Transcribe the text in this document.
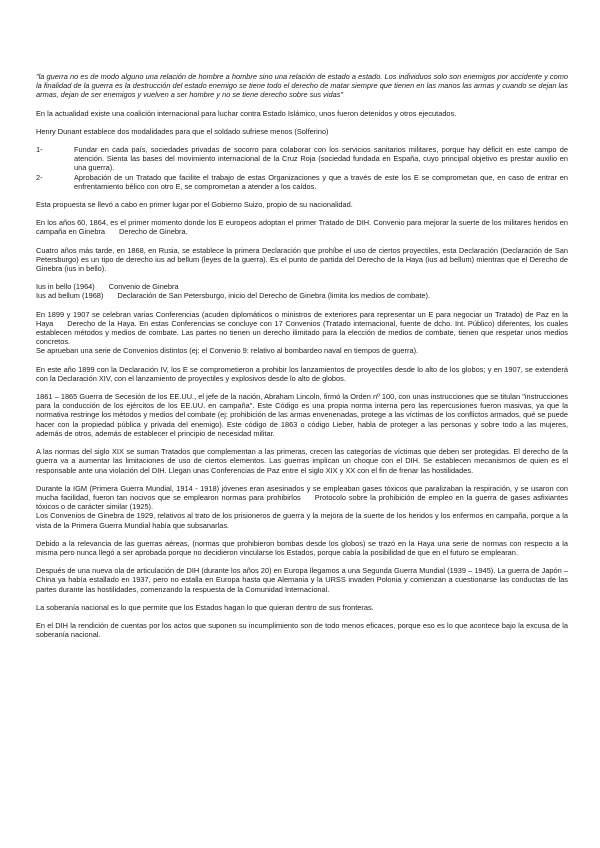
"la guerra no es de modo alguno una relación de hombre a hombre sino una relación de estado a estado. Los individuos solo son enemigos por accidente y como la finalidad de la guerra es la destrucción del estado enemigo se tiene todo el derecho de matar siempre que tienen en las manos las armas y cuando se dejan las armas, dejan de ser enemigos y vuelven a ser hombre y no se tiene derecho sobre sus vidas"

En la actualidad existe una coalición internacional para luchar contra Estado Islámico, unos fueron detenidos y otros ejecutados.

Henry Dunant establece dos modalidades para que el soldado sufriese menos (Solferino)

1-	Fundar en cada país, sociedades privadas de socorro para colaborar con los servicios sanitarios militares, porque hay déficit en este campo de atención. Sienta las bases del movimiento internacional de la Cruz Roja (sociedad fundada en España, cuyo principal objetivo es prestar auxilio en una guerra).
2-	Aprobación de un Tratado que facilite el trabajo de estas Organizaciones y que a través de este los E se comprometan que, en caso de entrar en enfrentamiento bélico con otro E, se comprometan a atender a los caídos.

Esta propuesta se llevó a cabo en primer lugar por el Gobierno Suizo, propio de su nacionalidad.

En los años 60, 1864, es el primer momento donde los E europeos adoptan el primer Tratado de DIH. Convenio para mejorar la suerte de los militares heridos en campaña en Ginebra Derecho de Ginebra.

Cuatro años más tarde, en 1868, en Rusia, se establece la primera Declaración que prohíbe el uso de ciertos proyectiles, esta Declaración (Declaración de San Petersburgo) es un tipo de derecho ius ad bellum (leyes de la guerra). Es el punto de partida del Derecho de la Haya (ius ad bellum) mientras que el Derecho de Ginebra (ius in bello).

Ius in bello (1964) Convenio de Ginebra
Ius ad bellum (1968) Declaración de San Petersburgo, inicio del Derecho de Ginebra (limita los medios de combate).

En 1899 y 1907 se celebran varias Conferencias (acuden diplomáticos o ministros de exteriores para representar un E para negociar un Tratado) de Paz en la Haya Derecho de la Haya. En estas Conferencias se concluye con 17 Convenios (Tratado internacional, fuente de dcho. Int. Público) diferentes, los cuales establecen métodos y medios de combate. Las partes no tienen un derecho ilimitado para la elección de medios de combate, tienen que respetar unos medios concretos.
Se aprueban una serie de Convenios distintos (ej: el Convenio 9: relativo al bombardeo naval en tiempos de guerra).

En este año 1899 con la Declaración IV, los E se comprometieron a prohibir los lanzamientos de proyectiles desde lo alto de los globos; y en 1907, se extenderá con la Declaración XIV, con el lanzamiento de proyectiles y explosivos desde lo alto de globos.

1861 – 1865 Guerra de Secesión de los EE.UU., el jefe de la nación, Abraham Lincoln, firmó la Orden nº 100, con unas instrucciones que se titulan "instrucciones para la conducción de los ejércitos de los EE.UU. en campaña". Este Código es una propia norma interna pero las repercusiones fueron masivas, ya que la normativa restringe los métodos y medios del combate (ej: prohibición de las armas envenenadas, protege a las víctimas de los conflictos armados, qué se puede hacer con la propiedad pública y privada del enemigo). Este código de 1863 o código Lieber, habla de proteger a las personas y sobre todo a las mujeres, además de otros, además de establecer el principio de necesidad militar.

A las normas del siglo XIX se suman Tratados que complementan a las primeras, crecen las categorías de víctimas que deben ser protegidas. El derecho de la guerra va a aumentar las limitaciones de uso de ciertos elementos. Las guerras implican un choque con el DIH. Se establecen mecanismos de quien es el responsable ante una violación del DIH. Llegan unas Conferencias de Paz entre el siglo XIX y XX con el fin de frenar las hostilidades.

Durante la IGM (Primera Guerra Mundial, 1914 - 1918) jóvenes eran asesinados y se empleaban gases tóxicos que paralizaban la respiración, y se usaron con mucha facilidad, fueron tan nocivos que se emplearon normas para prohibirlos Protocolo sobre la prohibición de empleo en la guerra de gases asfixiantes tóxicos o de carácter similar (1925).
Los Convenios de Ginebra de 1929, relativos al trato de los prisioneros de guerra y la mejora de la suerte de los heridos y los enfermos en campaña, porque a la vista de la Primera Guerra Mundial había que subsanarlas.

Debido a la relevancia de las guerras aéreas, (normas que prohibieron bombas desde los globos) se trazó en la Haya una serie de normas con respecto a la misma pero nunca llegó a ser aprobada porque no decidieron vincularse los Estados, porque cabía la posibilidad de que en el futuro se emplearan.

Después de una nueva ola de articulación de DIH (durante los años 20) en Europa llegamos a una Segunda Guerra Mundial (1939 – 1945). La guerra de Japón – China ya había estallado en 1937, pero no estalla en Europa hasta que Alemania y la URSS invaden Polonia y comienzan a cuestionarse las conductas de las partes durante las hostilidades, comenzando la respuesta de la Comunidad Internacional.

La soberanía nacional es lo que permite que los Estados hagan lo que quieran dentro de sus fronteras.

En el DIH la rendición de cuentas por los actos que suponen su incumplimiento son de todo menos eficaces, porque eso es lo que acontece bajo la excusa de la soberanía nacional.
